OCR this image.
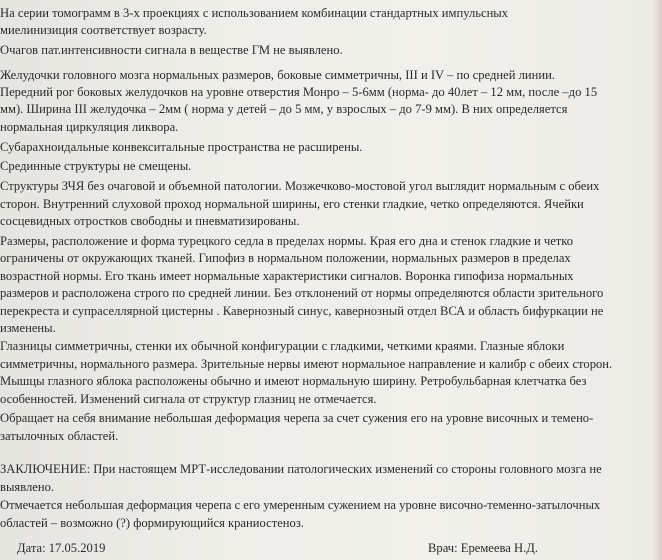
На серии томограмм в 3-х проекциях с использованием комбинации стандартных импульсных
миелинизиция соответствует возрасту.
Очагов пат.интенсивности сигнала в веществе ГМ не выявлено.
Желудочки головного мозга нормальных размеров, боковые симметричны, III и IV – по средней линии.
Передний рог боковых желудочков на уровне отверстия Монро – 5-6мм (норма- до 40лет – 12 мм, после –до 15
мм). Ширина III желудочка – 2мм ( норма у детей – до 5 мм, у взрослых – до 7-9 мм). В них определяется
нормальная циркуляция ликвора.
Субарахноидальные конвекситальные пространства не расширены.
Срединные структуры не смещены.
Структуры ЗЧЯ без очаговой и объемной патологии. Мозжечково-мостовой угол выглядит нормальным с обеих
сторон. Внутренний слуховой проход нормальной ширины, его стенки гладкие, четко определяются. Ячейки
сосцевидных отростков свободны и пневматизированы.
Размеры, расположение и форма турецкого седла в пределах нормы. Края его дна и стенок гладкие и четко
ограничены от окружающих тканей. Гипофиз в нормальном положении, нормальных размеров в пределах
возрастной нормы. Его ткань имеет нормальные характеристики сигналов. Воронка гипофиза нормальных
размеров и расположена строго по средней линии. Без отклонений от нормы определяются области зрительного
перекреста и супраселлярной цистерны . Кавернозный синус, кавернозный отдел ВСА и область бифуркации не
изменены.
Глазницы симметричны, стенки их обычной конфигурации с гладкими, четкими краями. Глазные яблоки
симметричны, нормального размера. Зрительные нервы имеют нормальное направление и калибр с обеих сторон.
Мышцы глазного яблока расположены обычно и имеют нормальную ширину. Ретробульбарная клетчатка без
особенностей. Изменений сигнала от структур глазниц не отмечается.
Обращает на себя внимание небольшая деформация черепа за счет сужения его на уровне височных и темено-
затылочных областей.
ЗАКЛЮЧЕНИЕ: При настоящем МРТ-исследовании патологических изменений со стороны головного мозга не
выявлено.
Отмечается небольшая деформация черепа с его умеренным сужением на уровне височно-теменно-затылочных
областей – возможно (?) формирующийся краниостеноз.
Дата: 17.05.2019	Врач: Еремеева Н.Д.
